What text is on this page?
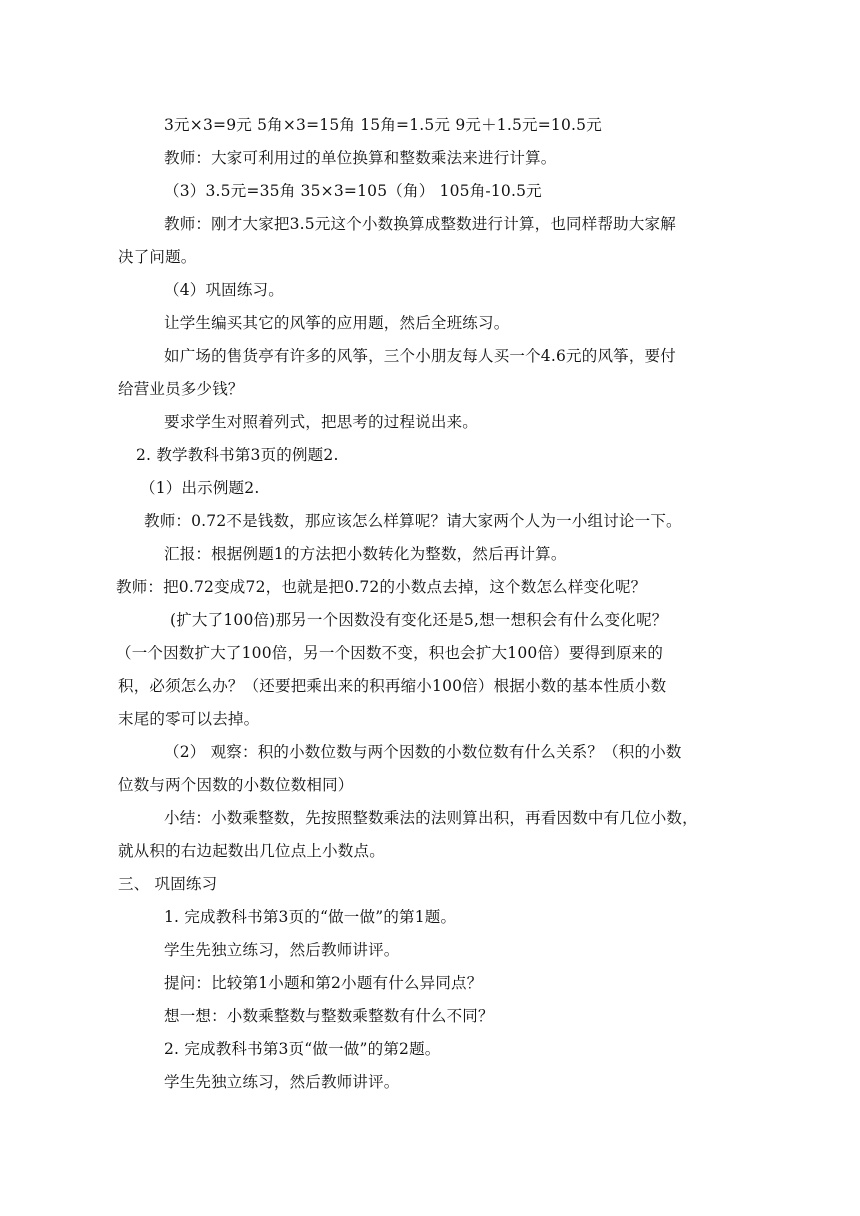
3元×3=9元 5角×3=15角 15角=1.5元 9元＋1.5元=10.5元
教师：大家可利用过的单位换算和整数乘法来进行计算。
（3）3.5元=35角 35×3=105（角） 105角-10.5元
教师：刚才大家把3.5元这个小数换算成整数进行计算，也同样帮助大家解
决了问题。
（4）巩固练习。
让学生编买其它的风筝的应用题，然后全班练习。
如广场的售货亭有许多的风筝，三个小朋友每人买一个4.6元的风筝，要付
给营业员多少钱？
要求学生对照着列式，把思考的过程说出来。
2. 教学教科书第3页的例题2.
（1）出示例题2.
教师：0.72不是钱数，那应该怎么样算呢？请大家两个人为一小组讨论一下。
汇报：根据例题1的方法把小数转化为整数，然后再计算。
教师：把0.72变成72，也就是把0.72的小数点去掉，这个数怎么样变化呢？
(扩大了100倍)那另一个因数没有变化还是5,想一想积会有什么变化呢？
（一个因数扩大了100倍，另一个因数不变，积也会扩大100倍）要得到原来的
积，必须怎么办？（还要把乘出来的积再缩小100倍）根据小数的基本性质小数
末尾的零可以去掉。
（2） 观察：积的小数位数与两个因数的小数位数有什么关系？（积的小数
位数与两个因数的小数位数相同）
小结：小数乘整数，先按照整数乘法的法则算出积，再看因数中有几位小数，
就从积的右边起数出几位点上小数点。
三、 巩固练习
1. 完成教科书第3页的“做一做”的第1题。
学生先独立练习，然后教师讲评。
提问：比较第1小题和第2小题有什么异同点？
想一想：小数乘整数与整数乘整数有什么不同？
2. 完成教科书第3页“做一做”的第2题。
学生先独立练习，然后教师讲评。
